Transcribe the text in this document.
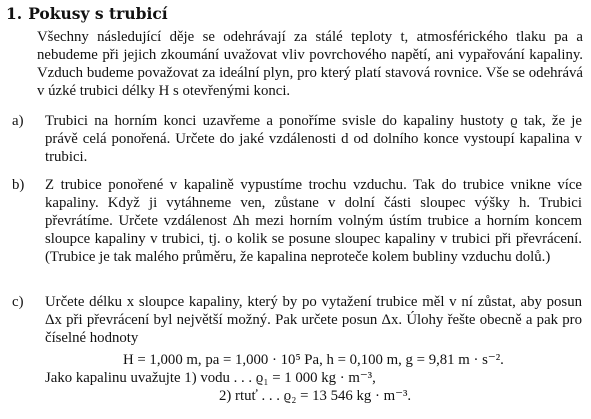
1. Pokusy s trubicí
Všechny následující děje se odehrávají za stálé teploty t, atmosférického tlaku pa a nebudeme při jejich zkoumání uvažovat vliv povrchového napětí, ani vypařování kapaliny. Vzduch budeme považovat za ideální plyn, pro který platí stavová rovnice. Vše se odehrává v úzké trubici délky H s otevřenými konci.
a)	Trubici na horním konci uzavřeme a ponoříme svisle do kapaliny hustoty ϱ tak, že je právě celá ponořená. Určete do jaké vzdálenosti d od dolního konce vystoupí kapalina v trubici.
b)	Z trubice ponořené v kapalině vypustíme trochu vzduchu. Tak do trubice vnikne více kapaliny. Když ji vytáhneme ven, zůstane v dolní části sloupec výšky h. Trubici převrátíme. Určete vzdálenost Δh mezi horním volným ústím trubice a horním koncem sloupce kapaliny v trubici, tj. o kolik se posune sloupec kapaliny v trubici při převrácení. (Trubice je tak malého průměru, že kapalina neproteče kolem bubliny vzduchu dolů.)
c)	Určete délku x sloupce kapaliny, který by po vytažení trubice měl v ní zůstat, aby posun Δx při převrácení byl největší možný. Pak určete posun Δx. Úlohy řešte obecně a pak pro číselné hodnoty
H = 1,000 m, pa = 1,000 · 10⁵ Pa, h = 0,100 m, g = 9,81 m · s⁻².
Jako kapalinu uvažujte 1) vodu . . . ϱ₁ = 1 000 kg · m⁻³,
2) rtuť . . . ϱ₂ = 13 546 kg · m⁻³.
